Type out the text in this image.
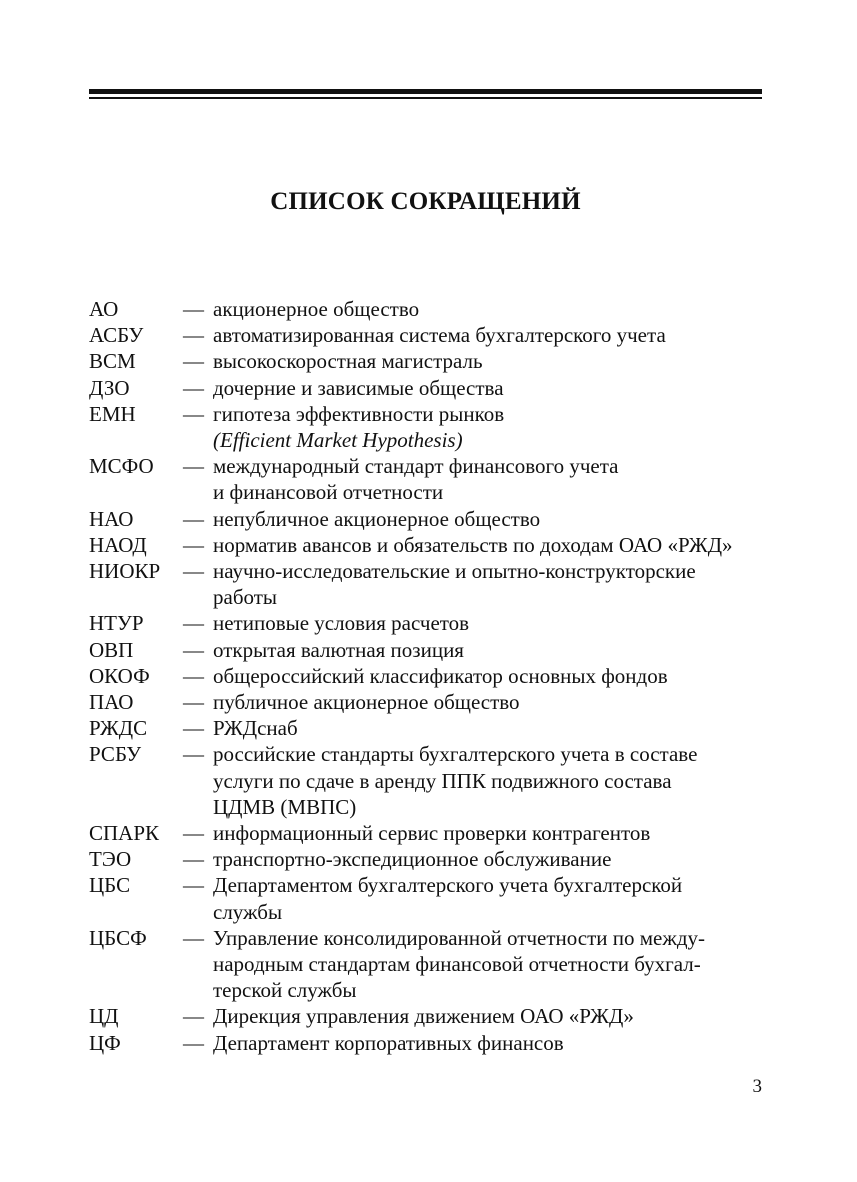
СПИСОК СОКРАЩЕНИЙ
АО	— акционерное общество
АСБУ	— автоматизированная система бухгалтерского учета
ВСМ	— высокоскоростная магистраль
ДЗО	— дочерние и зависимые общества
ЕМН	— гипотеза эффективности рынков
(Efficient Market Hypothesis)
МСФО	— международный стандарт финансового учета
и финансовой отчетности
НАО	— непубличное акционерное общество
НАОД	— норматив авансов и обязательств по доходам ОАО «РЖД»
НИОКР	— научно-исследовательские и опытно-конструкторские
работы
НТУР	— нетиповые условия расчетов
ОВП	— открытая валютная позиция
ОКОФ	— общероссийский классификатор основных фондов
ПАО	— публичное акционерное общество
РЖДС	— РЖДснаб
РСБУ	— российские стандарты бухгалтерского учета в составе
услуги по сдаче в аренду ППК подвижного состава
ЦДМВ (МВПС)
СПАРК	— информационный сервис проверки контрагентов
ТЭО	— транспортно-экспедиционное обслуживание
ЦБС	— Департаментом бухгалтерского учета бухгалтерской
службы
ЦБСФ	— Управление консолидированной отчетности по между-
народным стандартам финансовой отчетности бухгал-
терской службы
ЦД	— Дирекция управления движением ОАО «РЖД»
ЦФ	— Департамент корпоративных финансов
3
